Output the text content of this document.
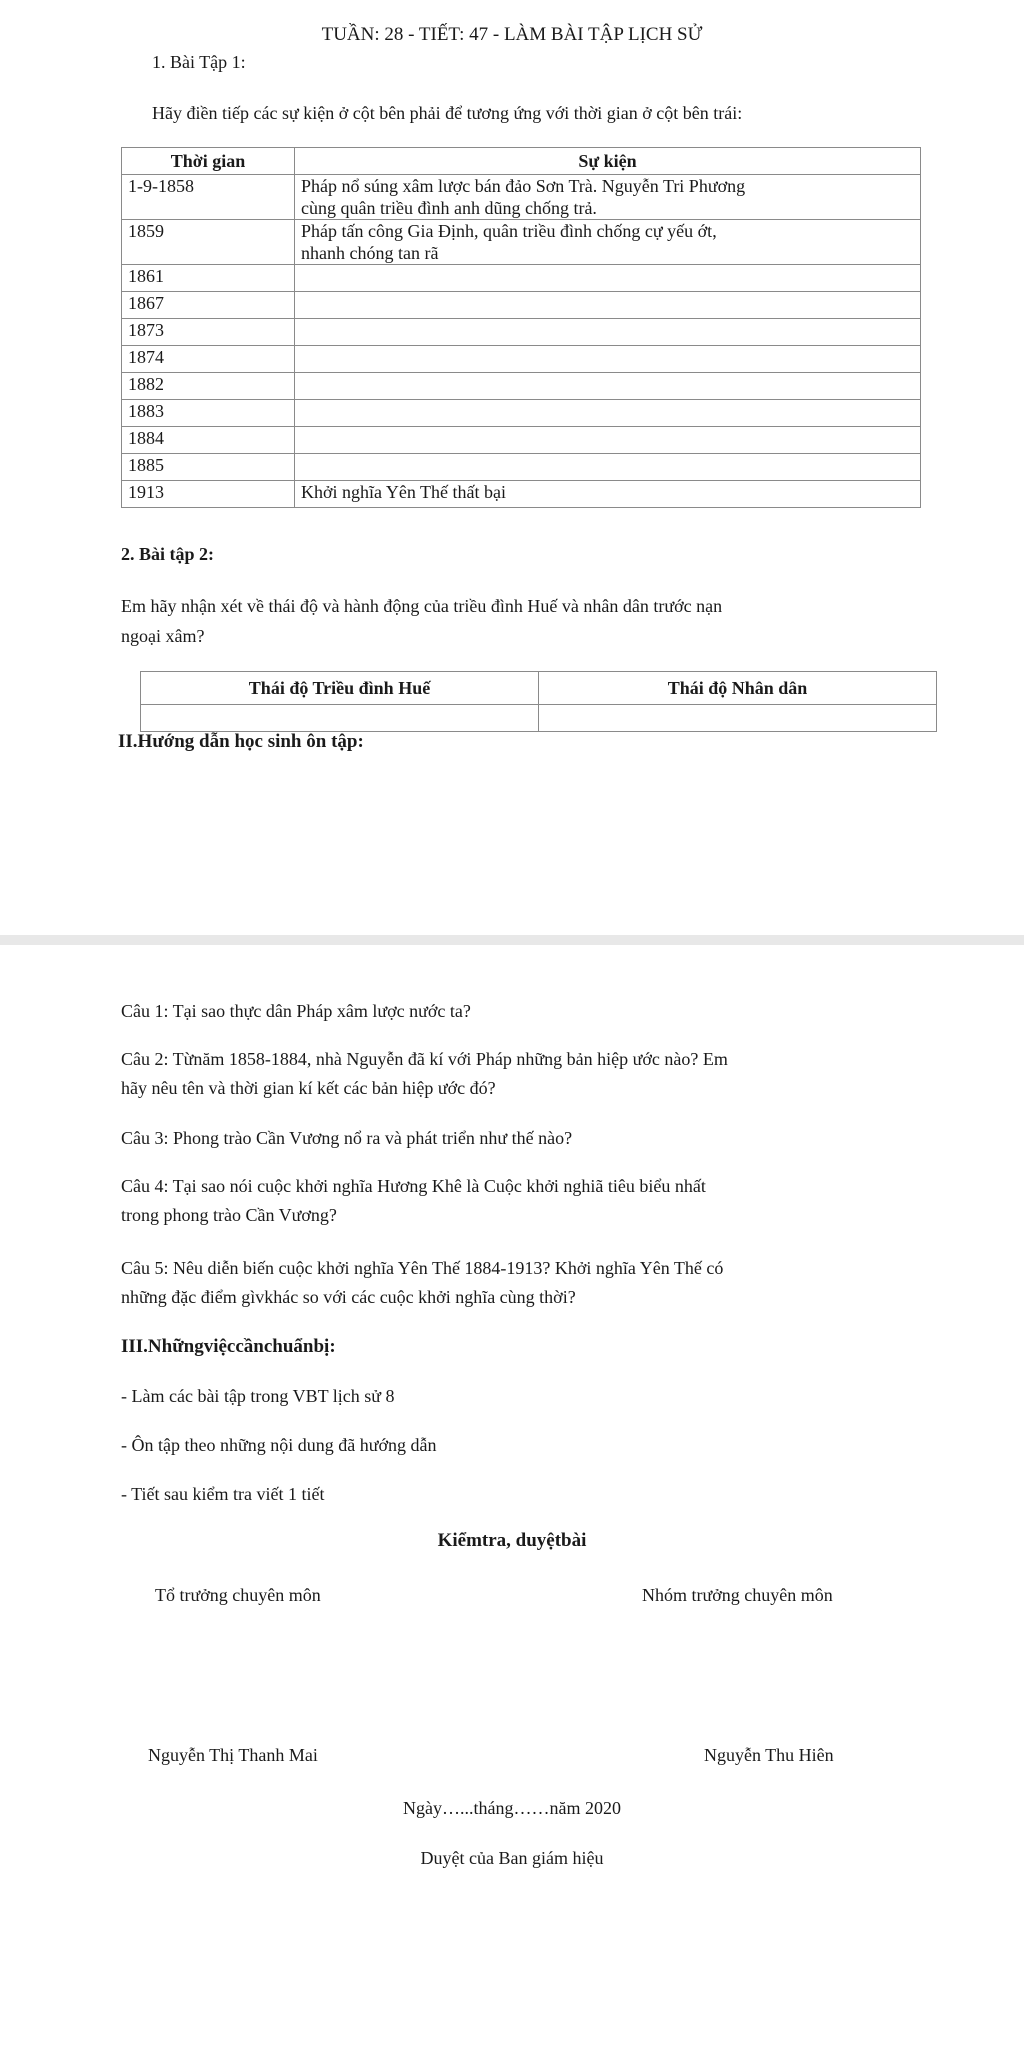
TUẦN: 28 - TIẾT: 47 - LÀM BÀI TẬP LỊCH SỬ
1. Bài Tập 1:
Hãy điền tiếp các sự kiện ở cột bên phải để tương ứng với thời gian ở cột bên trái:
Thời gian	Sự kiện
1-9-1858	Pháp nổ súng xâm lược bán đảo Sơn Trà. Nguyễn Tri Phương
cùng quân triều đình anh dũng chống trả.

1859	Pháp tấn công Gia Định, quân triều đình chống cự yếu ớt,
nhanh chóng tan rã

1861	

1867	

1873	

1874	

1882	

1883	

1884	

1885	

1913	Khởi nghĩa Yên Thế thất bại
2. Bài tập 2:
Em hãy nhận xét về thái độ và hành động của triều đình Huế và nhân dân trước nạn
ngoại xâm?
Thái độ Triều đình Huế	Thái độ Nhân dân

II.Hướng dẫn học sinh ôn tập:
Câu 1: Tại sao thực dân Pháp xâm lược nước ta?
Câu 2: Từnăm 1858-1884, nhà Nguyễn đã kí với Pháp những bản hiệp ước nào? Em
hãy nêu tên và thời gian kí kết các bản hiệp ước đó?
Câu 3: Phong trào Cần Vương nổ ra và phát triển như thế nào?
Câu 4: Tại sao nói cuộc khởi nghĩa Hương Khê là Cuộc khởi nghiã tiêu biểu nhất
trong phong trào Cần Vương?
Câu 5: Nêu diễn biến cuộc khởi nghĩa Yên Thế 1884-1913? Khởi nghĩa Yên Thế có
những đặc điểm gìvkhác so với các cuộc khởi nghĩa cùng thời?
III.Nhữngviệccầnchuẩnbị:
- Làm các bài tập trong VBT lịch sử 8
- Ôn tập theo những nội dung đã hướng dẫn
- Tiết sau kiểm tra viết 1 tiết
Kiểmtra, duyệtbài
Tổ trưởng chuyên môn	Nhóm trưởng chuyên môn
Nguyễn Thị Thanh Mai	Nguyễn Thu Hiên
Ngày…...tháng……năm 2020
Duyệt của Ban giám hiệu
